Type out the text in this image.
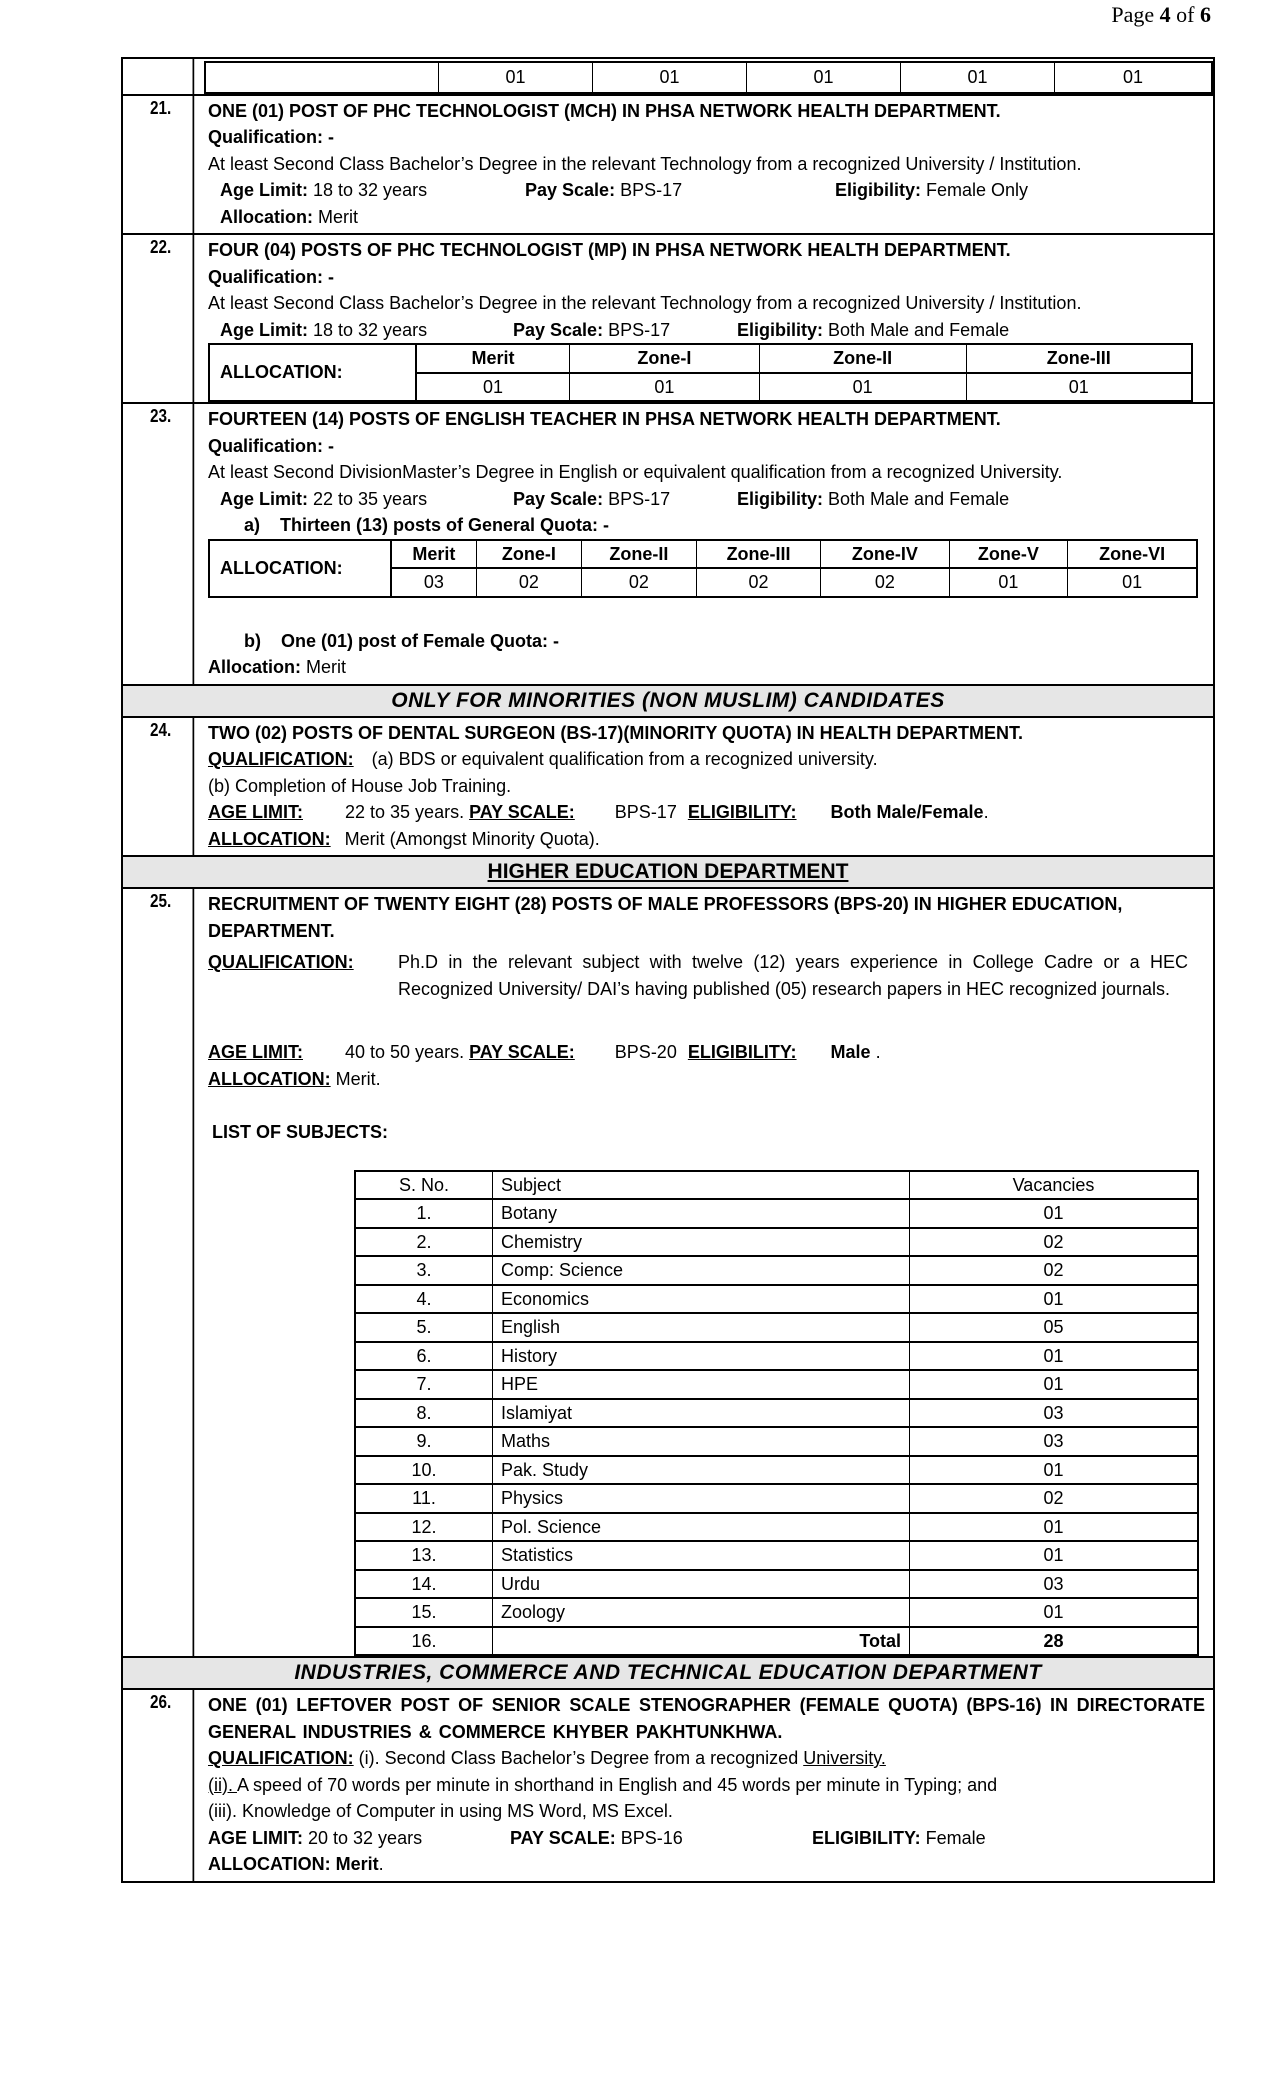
Page 4 of 6
	01	01	01	01	01
21.	ONE (01) POST OF PHC TECHNOLOGIST (MCH) IN PHSA NETWORK HEALTH DEPARTMENT.
Qualification: -
At least Second Class Bachelor’s Degree in the relevant Technology from a recognized University / Institution.
Age Limit: 18 to 32 years	Pay Scale: BPS-17	Eligibility: Female Only
Allocation: Merit
22.	FOUR (04) POSTS OF PHC TECHNOLOGIST (MP) IN PHSA NETWORK HEALTH DEPARTMENT.
Qualification: -
At least Second Class Bachelor’s Degree in the relevant Technology from a recognized University / Institution.
Age Limit: 18 to 32 years	Pay Scale: BPS-17	Eligibility: Both Male and Female
ALLOCATION:	Merit	Zone-I	Zone-II	Zone-III
	01	01	01	01
23.	FOURTEEN (14) POSTS OF ENGLISH TEACHER IN PHSA NETWORK HEALTH DEPARTMENT.
Qualification: -
At least Second DivisionMaster’s Degree in English or equivalent qualification from a recognized University.
Age Limit: 22 to 35 years	Pay Scale: BPS-17	Eligibility: Both Male and Female
a)    Thirteen (13) posts of General Quota: -
ALLOCATION:	Merit	Zone-I	Zone-II	Zone-III	Zone-IV	Zone-V	Zone-VI
	03	02	02	02	02	01	01
b)    One (01) post of Female Quota: -
Allocation: Merit
ONLY FOR MINORITIES (NON MUSLIM) CANDIDATES
24.	TWO (02) POSTS OF DENTAL SURGEON (BS-17)(MINORITY QUOTA) IN HEALTH DEPARTMENT.
QUALIFICATION: (a) BDS or equivalent qualification from a recognized university.
(b) Completion of House Job Training.
AGE LIMIT: 22 to 35 years. PAY SCALE: BPS-17 ELIGIBILITY: Both Male/Female.
ALLOCATION: Merit (Amongst Minority Quota).
HIGHER EDUCATION DEPARTMENT
25.	RECRUITMENT OF TWENTY EIGHT (28) POSTS OF MALE PROFESSORS (BPS-20) IN HIGHER EDUCATION,
DEPARTMENT.
QUALIFICATION:	Ph.D in the relevant subject with twelve (12) years experience in College Cadre or a HEC Recognized University/ DAI’s having published (05) research papers in HEC recognized journals.
AGE LIMIT: 40 to 50 years. PAY SCALE: BPS-20 ELIGIBILITY: Male .
ALLOCATION: Merit.
LIST OF SUBJECTS:
S. No.	Subject	Vacancies
1.	Botany	01
2.	Chemistry	02
3.	Comp: Science	02
4.	Economics	01
5.	English	05
6.	History	01
7.	HPE	01
8.	Islamiyat	03
9.	Maths	03
10.	Pak. Study	01
11.	Physics	02
12.	Pol. Science	01
13.	Statistics	01
14.	Urdu	03
15.	Zoology	01
16.	Total	28
INDUSTRIES, COMMERCE AND TECHNICAL EDUCATION DEPARTMENT
26.	ONE (01) LEFTOVER POST OF SENIOR SCALE STENOGRAPHER (FEMALE QUOTA) (BPS-16) IN DIRECTORATE GENERAL INDUSTRIES & COMMERCE KHYBER PAKHTUNKHWA.
QUALIFICATION: (i). Second Class Bachelor’s Degree from a recognized University.
(ii). A speed of 70 words per minute in shorthand in English and 45 words per minute in Typing; and
(iii). Knowledge of Computer in using MS Word, MS Excel.
AGE LIMIT: 20 to 32 years	PAY SCALE: BPS-16	ELIGIBILITY: Female
ALLOCATION: Merit.
